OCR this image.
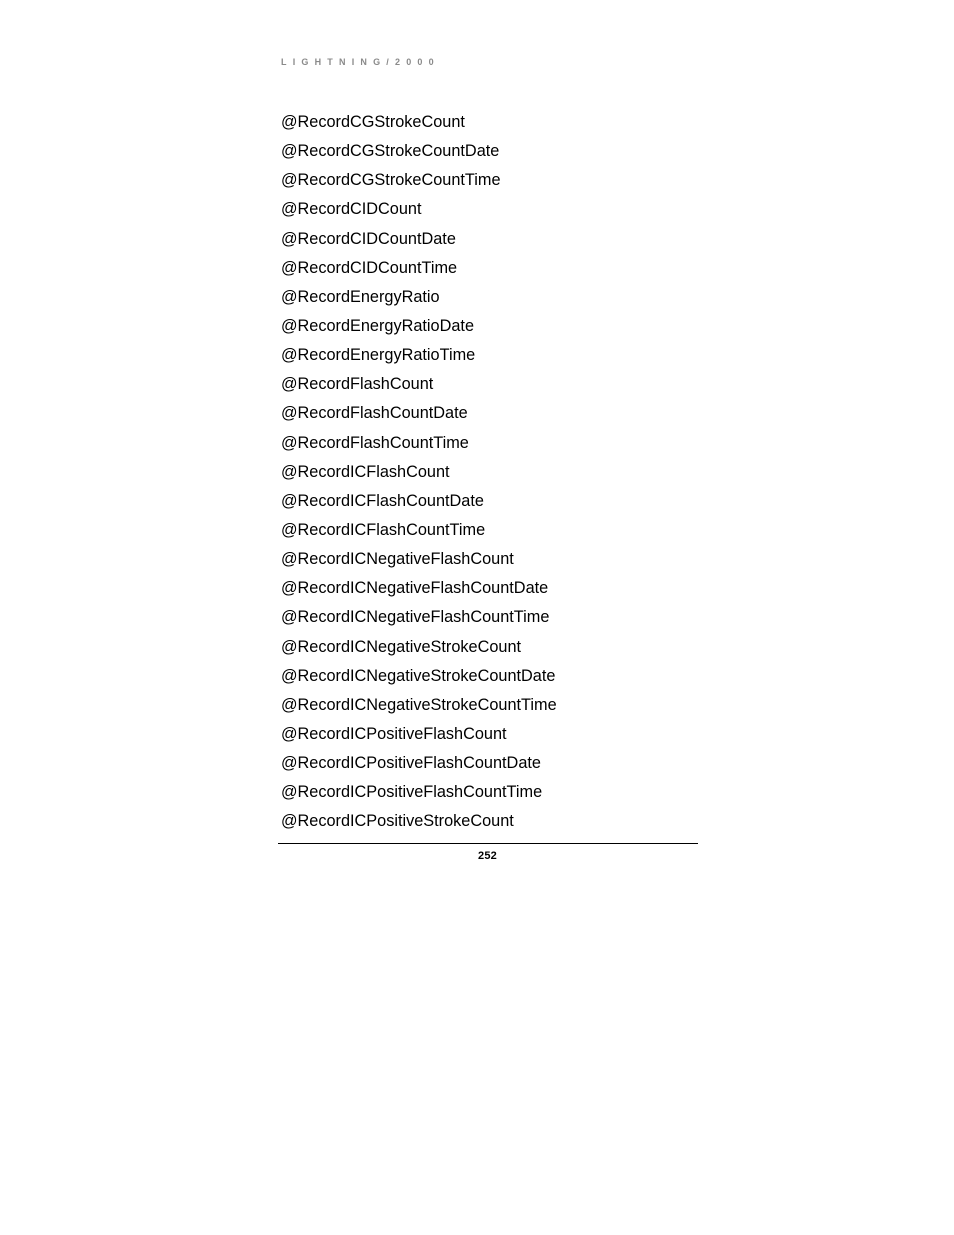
LIGHTNING/2000
@RecordCGStrokeCount
@RecordCGStrokeCountDate
@RecordCGStrokeCountTime
@RecordCIDCount
@RecordCIDCountDate
@RecordCIDCountTime
@RecordEnergyRatio
@RecordEnergyRatioDate
@RecordEnergyRatioTime
@RecordFlashCount
@RecordFlashCountDate
@RecordFlashCountTime
@RecordICFlashCount
@RecordICFlashCountDate
@RecordICFlashCountTime
@RecordICNegativeFlashCount
@RecordICNegativeFlashCountDate
@RecordICNegativeFlashCountTime
@RecordICNegativeStrokeCount
@RecordICNegativeStrokeCountDate
@RecordICNegativeStrokeCountTime
@RecordICPositiveFlashCount
@RecordICPositiveFlashCountDate
@RecordICPositiveFlashCountTime
@RecordICPositiveStrokeCount
252
